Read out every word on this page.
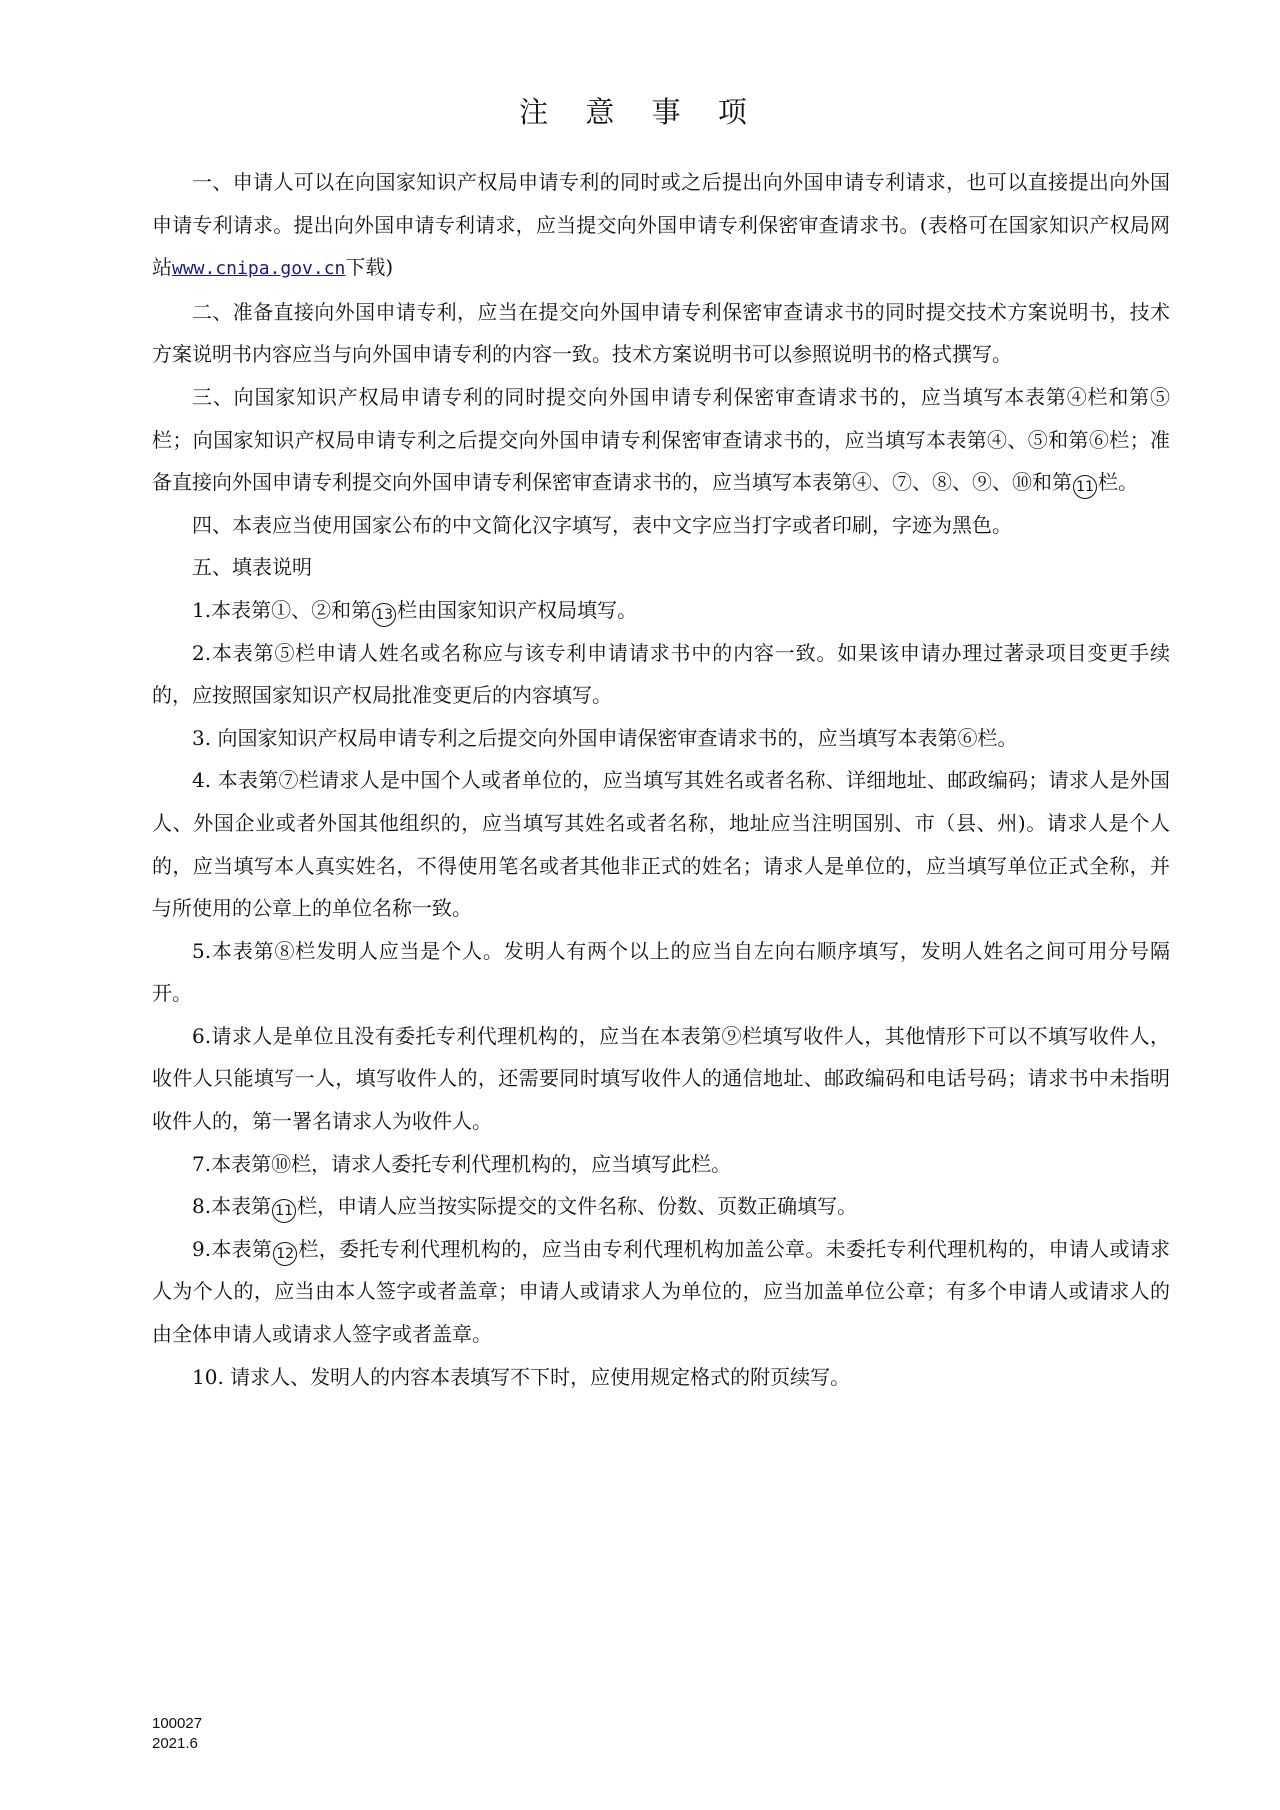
注 意 事 项

一、申请人可以在向国家知识产权局申请专利的同时或之后提出向外国申请专利请求，也可以直接提出向外国申请专利请求。提出向外国申请专利请求，应当提交向外国申请专利保密审查请求书。(表格可在国家知识产权局网站www.cnipa.gov.cn下载)

二、准备直接向外国申请专利，应当在提交向外国申请专利保密审查请求书的同时提交技术方案说明书，技术方案说明书内容应当与向外国申请专利的内容一致。技术方案说明书可以参照说明书的格式撰写。

三、向国家知识产权局申请专利的同时提交向外国申请专利保密审查请求书的，应当填写本表第④栏和第⑤栏；向国家知识产权局申请专利之后提交向外国申请专利保密审查请求书的，应当填写本表第④、⑤和第⑥栏；准备直接向外国申请专利提交向外国申请专利保密审查请求书的，应当填写本表第④、⑦、⑧、⑨、⑩和第 11 栏。

四、本表应当使用国家公布的中文简化汉字填写，表中文字应当打字或者印刷，字迹为黑色。

五、填表说明

1.本表第①、②和第 13 栏由国家知识产权局填写。

2.本表第⑤栏申请人姓名或名称应与该专利申请请求书中的内容一致。如果该申请办理过著录项目变更手续的，应按照国家知识产权局批准变更后的内容填写。

3. 向国家知识产权局申请专利之后提交向外国申请保密审查请求书的，应当填写本表第⑥栏。

4. 本表第⑦栏请求人是中国个人或者单位的，应当填写其姓名或者名称、详细地址、邮政编码；请求人是外国人、外国企业或者外国其他组织的，应当填写其姓名或者名称，地址应当注明国别、市（县、州)。请求人是个人的，应当填写本人真实姓名，不得使用笔名或者其他非正式的姓名；请求人是单位的，应当填写单位正式全称，并与所使用的公章上的单位名称一致。

5.本表第⑧栏发明人应当是个人。发明人有两个以上的应当自左向右顺序填写，发明人姓名之间可用分号隔开。

6.请求人是单位且没有委托专利代理机构的，应当在本表第⑨栏填写收件人，其他情形下可以不填写收件人，收件人只能填写一人，填写收件人的，还需要同时填写收件人的通信地址、邮政编码和电话号码；请求书中未指明收件人的，第一署名请求人为收件人。

7.本表第⑩栏，请求人委托专利代理机构的，应当填写此栏。

8.本表第 11 栏，申请人应当按实际提交的文件名称、份数、页数正确填写。

9.本表第 12 栏，委托专利代理机构的，应当由专利代理机构加盖公章。未委托专利代理机构的，申请人或请求人为个人的，应当由本人签字或者盖章；申请人或请求人为单位的，应当加盖单位公章；有多个申请人或请求人的由全体申请人或请求人签字或者盖章。

10. 请求人、发明人的内容本表填写不下时，应使用规定格式的附页续写。

100027
2021.6
